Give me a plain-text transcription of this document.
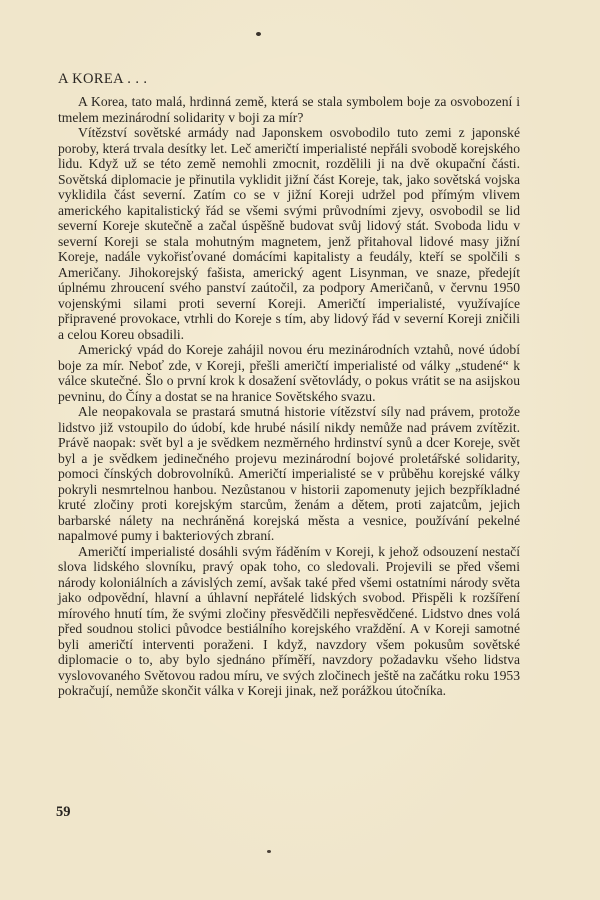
A KOREA . . .

A Korea, tato malá, hrdinná země, která se stala symbolem boje za osvobození i tmelem mezinárodní solidarity v boji za mír?

Vítězství sovětské armády nad Japonskem osvobodilo tuto zemi z japonské poroby, která trvala desítky let. Leč američtí imperialisté nepřáli svobodě korejského lidu. Když už se této země nemohli zmocnit, rozdělili ji na dvě okupační části. Sovětská diplomacie je přinutila vyklidit jižní část Koreje, tak, jako sovětská vojska vyklidila část severní. Zatím co se v jižní Koreji udržel pod přímým vlivem amerického kapitalistický řád se všemi svými průvodními zjevy, osvobodil se lid severní Koreje skutečně a začal úspěšně budovat svůj lidový stát. Svoboda lidu v severní Koreji se stala mohutným magnetem, jenž přitahoval lidové masy jižní Koreje, nadále vykořisťované domácími kapitalisty a feudály, kteří se spolčili s Američany. Jihokorejský fašista, americký agent Lisynman, ve snaze, předejít úplnému zhroucení svého panství zaútočil, za podpory Američanů, v červnu 1950 vojenskými silami proti severní Koreji. Američtí imperialisté, využívajíce připravené provokace, vtrhli do Koreje s tím, aby lidový řád v severní Koreji zničili a celou Koreu obsadili.

Americký vpád do Koreje zahájil novou éru mezinárodních vztahů, nové údobí boje za mír. Neboť zde, v Koreji, přešli američtí imperialisté od války „studené“ k válce skutečné. Šlo o první krok k dosažení světovlády, o pokus vrátit se na asijskou pevninu, do Číny a dostat se na hranice Sovětského svazu.

Ale neopakovala se prastará smutná historie vítězství síly nad právem, protože lidstvo již vstoupilo do údobí, kde hrubé násilí nikdy nemůže nad právem zvítězit. Právě naopak: svět byl a je svědkem nezměrného hrdinství synů a dcer Koreje, svět byl a je svědkem jedinečného projevu mezinárodní bojové proletářské solidarity, pomoci čínských dobrovolníků. Američtí imperialisté se v průběhu korejské války pokryli nesmrtelnou hanbou. Nezůstanou v historii zapomenuty jejich bezpříkladné kruté zločiny proti korejským starcům, ženám a dětem, proti zajatcům, jejich barbarské nálety na nechráněná korejská města a vesnice, používání pekelné napalmové pumy i bakteriových zbraní.

Američtí imperialisté dosáhli svým řáděním v Koreji, k jehož odsouzení nestačí slova lidského slovníku, pravý opak toho, co sledovali. Projevili se před všemi národy koloniálních a závislých zemí, avšak také před všemi ostatními národy světa jako odpovědní, hlavní a úhlavní nepřátelé lidských svobod. Přispěli k rozšíření mírového hnutí tím, že svými zločiny přesvědčili nepřesvědčené. Lidstvo dnes volá před soudnou stolici původce bestiálního korejského vraždění. A v Koreji samotné byli američtí interventi poraženi. I když, navzdory všem pokusům sovětské diplomacie o to, aby bylo sjednáno příměří, navzdory požadavku všeho lidstva vyslovovaného Světovou radou míru, ve svých zločinech ještě na začátku roku 1953 pokračují, nemůže skončit válka v Koreji jinak, než porážkou útočníka.

59
